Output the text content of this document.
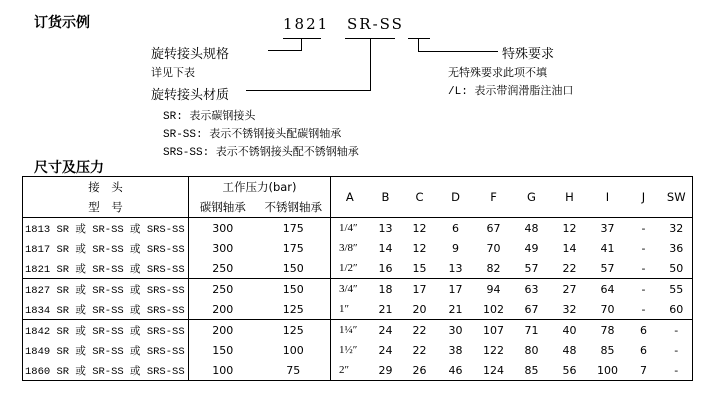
订货示例	1821 SR-SS
旋转接头规格
详见下表
旋转接头材质
SR: 表示碳钢接头
SR-SS: 表示不锈钢接头配碳钢轴承
SRS-SS: 表示不锈钢接头配不锈钢轴承
特殊要求
无特殊要求此项不填
/L: 表示带润滑脂注油口
尺寸及压力
接　头	工作压力(bar)		A	B	C	D	F	G	H	I	J	SW
型　号	碳钢轴承	不锈钢轴承										
1813 SR 或 SR-SS 或 SRS-SS	300	175	1/4″	13	12	6	67	48	12	37	-	32
1817 SR 或 SR-SS 或 SRS-SS	300	175	3/8″	14	12	9	70	49	14	41	-	36
1821 SR 或 SR-SS 或 SRS-SS	250	150	1/2″	16	15	13	82	57	22	57	-	50
1827 SR 或 SR-SS 或 SRS-SS	250	150	3/4″	18	17	17	94	63	27	64	-	55
1834 SR 或 SR-SS 或 SRS-SS	200	125	1″	21	20	21	102	67	32	70	-	60
1842 SR 或 SR-SS 或 SRS-SS	200	125	1¼″	24	22	30	107	71	40	78	6	-
1849 SR 或 SR-SS 或 SRS-SS	150	100	1½″	24	22	38	122	80	48	85	6	-
1860 SR 或 SR-SS 或 SRS-SS	100	75	2″	29	26	46	124	85	56	100	7	-
